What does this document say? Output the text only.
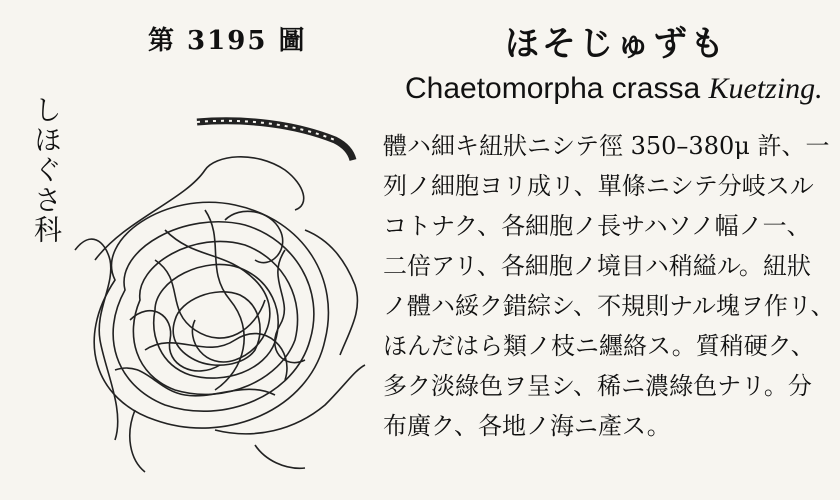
第 3195 圖
しほぐさ科
ほそじゅずも
Chaetomorpha crassa Kuetzing.
體ハ細キ紐狀ニシテ徑 350–380μ 許、一
列ノ細胞ヨリ成リ、單條ニシテ分岐スル
コトナク、各細胞ノ長サハソノ幅ノ一、
二倍アリ、各細胞ノ境目ハ稍縊ル。紐狀
ノ體ハ綏ク錯綜シ、不規則ナル塊ヲ作リ、
ほんだはら類ノ枝ニ纒絡ス。質稍硬ク、
多ク淡綠色ヲ呈シ、稀ニ濃綠色ナリ。分
布廣ク、各地ノ海ニ產ス。
